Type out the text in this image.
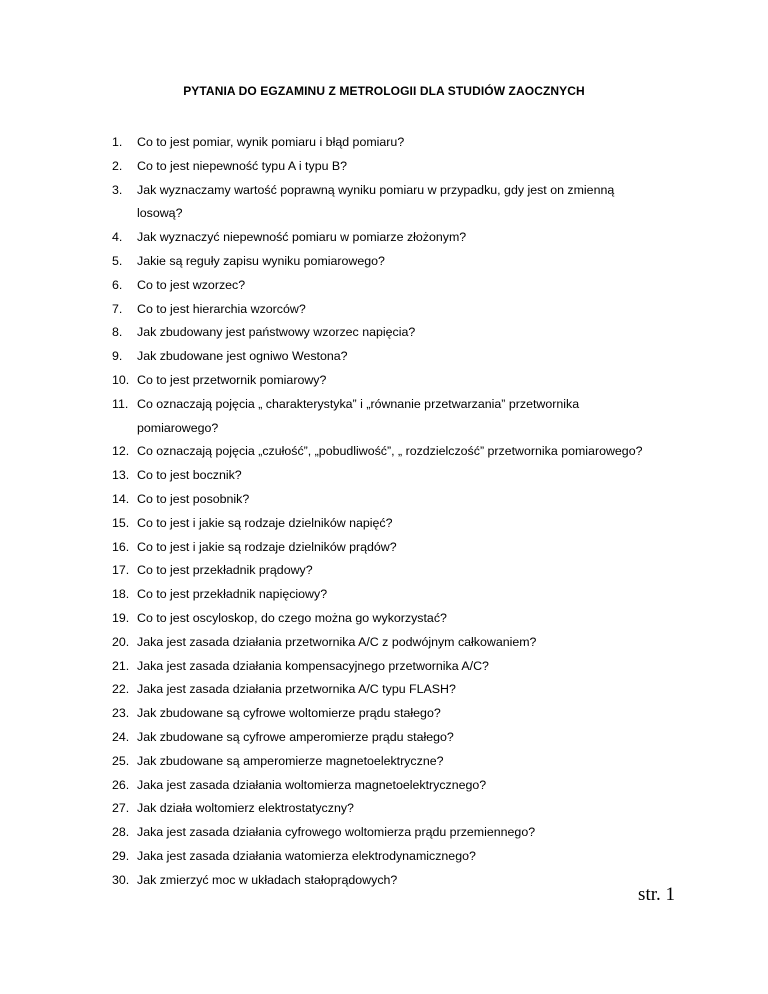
PYTANIA DO EGZAMINU Z METROLOGII DLA STUDIÓW ZAOCZNYCH
1.	Co to jest pomiar, wynik pomiaru i błąd pomiaru?
2.	Co to jest niepewność typu A i typu B?
3.	Jak wyznaczamy wartość poprawną wyniku pomiaru w przypadku, gdy jest on zmienną
losową?
4.	Jak wyznaczyć niepewność pomiaru w pomiarze złożonym?
5.	Jakie są reguły zapisu wyniku pomiarowego?
6.	Co to jest wzorzec?
7.	Co to jest hierarchia wzorców?
8.	Jak zbudowany jest państwowy wzorzec napięcia?
9.	Jak zbudowane jest ogniwo Westona?
10. Co to jest przetwornik pomiarowy?
11. Co oznaczają pojęcia „ charakterystyka” i „równanie przetwarzania” przetwornika
pomiarowego?
12. Co oznaczają pojęcia „czułość”, „pobudliwość”, „ rozdzielczość” przetwornika pomiarowego?
13. Co to jest bocznik?
14. Co to jest posobnik?
15. Co to jest i jakie są rodzaje dzielników napięć?
16. Co to jest i jakie są rodzaje dzielników prądów?
17. Co to jest przekładnik prądowy?
18. Co to jest przekładnik napięciowy?
19. Co to jest oscyloskop, do czego można go wykorzystać?
20. Jaka jest zasada działania przetwornika A/C z podwójnym całkowaniem?
21. Jaka jest zasada działania kompensacyjnego przetwornika A/C?
22. Jaka jest zasada działania przetwornika A/C typu FLASH?
23. Jak zbudowane są cyfrowe woltomierze prądu stałego?
24. Jak zbudowane są cyfrowe amperomierze prądu stałego?
25. Jak zbudowane są amperomierze magnetoelektryczne?
26. Jaka jest zasada działania woltomierza magnetoelektrycznego?
27. Jak działa woltomierz elektrostatyczny?
28. Jaka jest zasada działania cyfrowego woltomierza prądu przemiennego?
29. Jaka jest zasada działania watomierza elektrodynamicznego?
30. Jak zmierzyć moc w układach stałoprądowych?
str. 1
